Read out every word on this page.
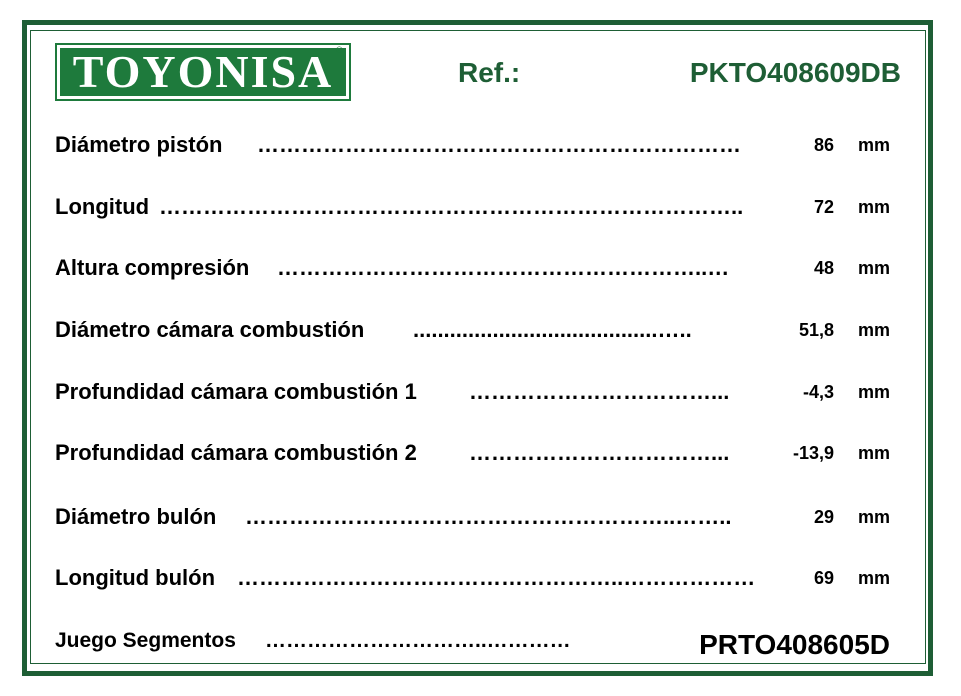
TOYONISA ®
Ref.:	PKTO408609DB
Diámetro pistón …………………………………………………………	86 mm
Longitud ……………………………………………………………………..	72 mm
Altura compresión …………………………………………………..…	48 mm
Diámetro cámara combustión ........................................…..	51,8 mm
Profundidad cámara combustión 1 ……………………………...	-4,3 mm
Profundidad cámara combustión 2 ……………………………...	-13,9 mm
Diámetro bulón …………………………………………………..……..	29 mm
Longitud bulón ……………………………………………..………………	69 mm
Juego Segmentos …………………………..…………	PRTO408605D
